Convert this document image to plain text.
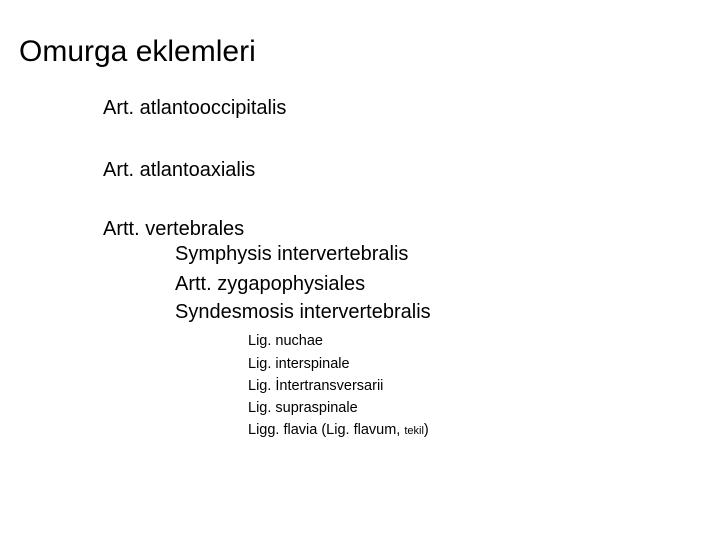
Omurga eklemleri
Art. atlantooccipitalis
Art. atlantoaxialis
Artt. vertebrales
Symphysis intervertebralis
Artt. zygapophysiales
Syndesmosis intervertebralis
Lig. nuchae
Lig. interspinale
Lig. İntertransversarii
Lig. supraspinale
Ligg. flavia (Lig. flavum, tekil)
